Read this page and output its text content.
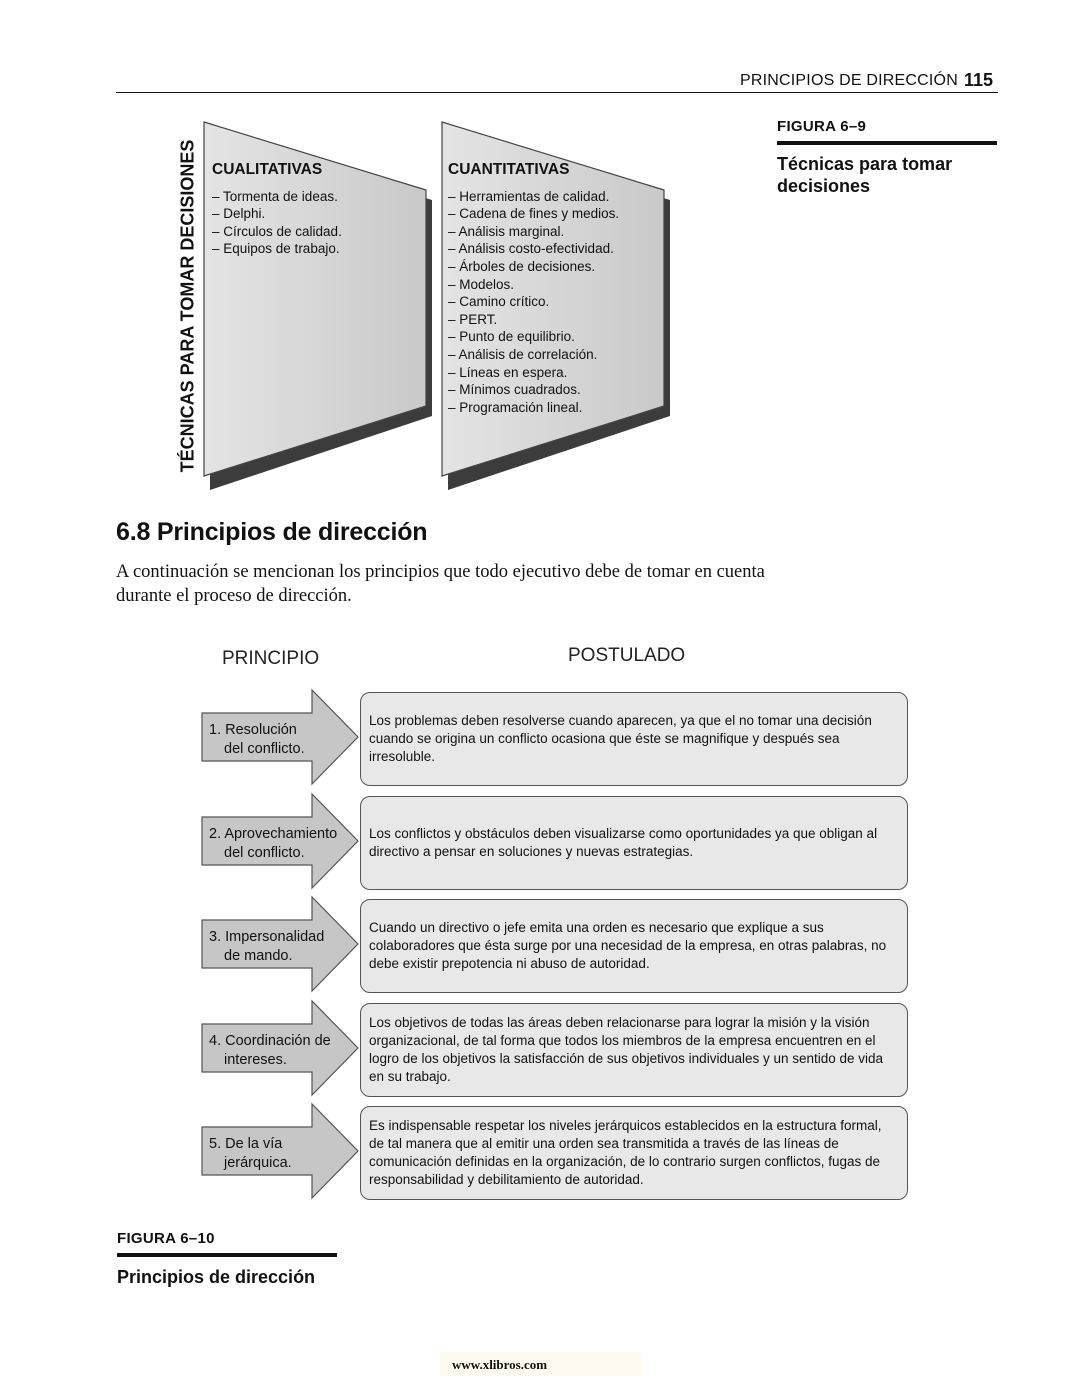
PRINCIPIOS DE DIRECCIÓN 115
FIGURA 6–9
Técnicas para tomar decisiones
TÉCNICAS PARA TOMAR DECISIONES CUALITATIVAS
– Tormenta de ideas.
– Delphi.
– Círculos de calidad.
– Equipos de trabajo.
CUANTITATIVAS
– Herramientas de calidad.
– Cadena de fines y medios.
– Análisis marginal.
– Análisis costo-efectividad.
– Árboles de decisiones.
– Modelos.
– Camino crítico.
– PERT.
– Punto de equilibrio.
– Análisis de correlación.
– Líneas en espera.
– Mínimos cuadrados.
– Programación lineal.
6.8 Principios de dirección
A continuación se mencionan los principios que todo ejecutivo debe de tomar en cuenta durante el proceso de dirección.
PRINCIPIO	POSTULADO
1. Resolución
del conflicto.
Los problemas deben resolverse cuando aparecen, ya que el no tomar una decisión cuando se origina un conflicto ocasiona que éste se magnifique y después sea irresoluble.
2. Aprovechamiento
del conflicto.
Los conflictos y obstáculos deben visualizarse como oportunidades ya que obligan al directivo a pensar en soluciones y nuevas estrategias.
3. Impersonalidad
de mando.
Cuando un directivo o jefe emita una orden es necesario que explique a sus colaboradores que ésta surge por una necesidad de la empresa, en otras palabras, no debe existir prepotencia ni abuso de autoridad.
4. Coordinación de
intereses.
Los objetivos de todas las áreas deben relacionarse para lograr la misión y la visión organizacional, de tal forma que todos los miembros de la empresa encuentren en el logro de los objetivos la satisfacción de sus objetivos individuales y un sentido de vida en su trabajo.
5. De la vía
jerárquica.
Es indispensable respetar los niveles jerárquicos establecidos en la estructura formal, de tal manera que al emitir una orden sea transmitida a través de las líneas de comunicación definidas en la organización, de lo contrario surgen conflictos, fugas de responsabilidad y debilitamiento de autoridad.
FIGURA 6–10
Principios de dirección
www.xlibros.com
